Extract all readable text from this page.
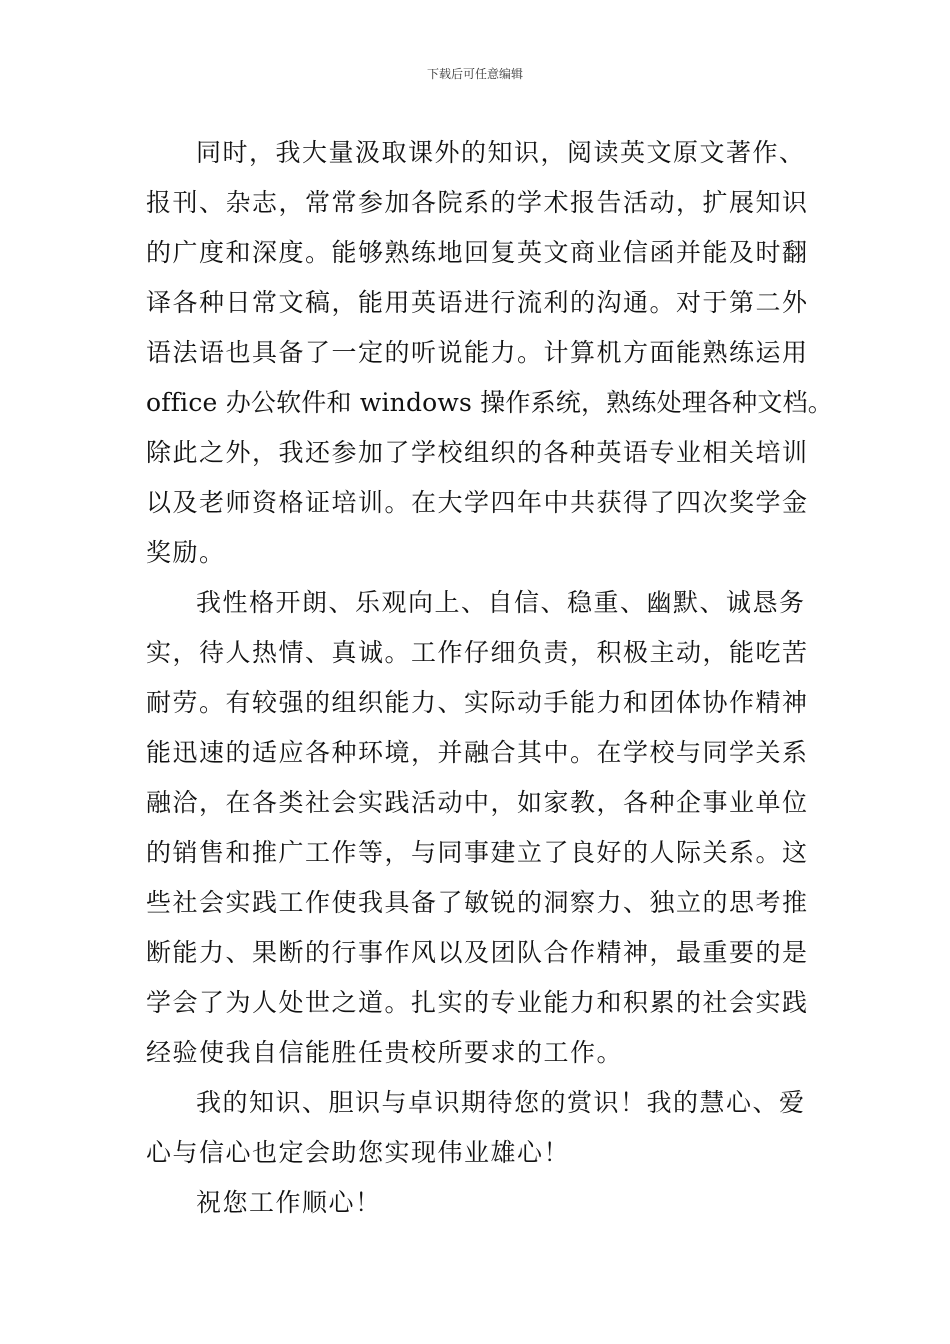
下载后可任意编辑
同时，我大量汲取课外的知识，阅读英文原文著作、
报刊、杂志，常常参加各院系的学术报告活动，扩展知识
的广度和深度。能够熟练地回复英文商业信函并能及时翻
译各种日常文稿，能用英语进行流利的沟通。对于第二外
语法语也具备了一定的听说能力。计算机方面能熟练运用
office 办公软件和 windows 操作系统，熟练处理各种文档。
除此之外，我还参加了学校组织的各种英语专业相关培训
以及老师资格证培训。在大学四年中共获得了四次奖学金
奖励。
我性格开朗、乐观向上、自信、稳重、幽默、诚恳务
实，待人热情、真诚。工作仔细负责，积极主动，能吃苦
耐劳。有较强的组织能力、实际动手能力和团体协作精神
能迅速的适应各种环境，并融合其中。在学校与同学关系
融洽，在各类社会实践活动中，如家教，各种企事业单位
的销售和推广工作等，与同事建立了良好的人际关系。这
些社会实践工作使我具备了敏锐的洞察力、独立的思考推
断能力、果断的行事作风以及团队合作精神，最重要的是
学会了为人处世之道。扎实的专业能力和积累的社会实践
经验使我自信能胜任贵校所要求的工作。
我的知识、胆识与卓识期待您的赏识！我的慧心、爱
心与信心也定会助您实现伟业雄心！
祝您工作顺心！
